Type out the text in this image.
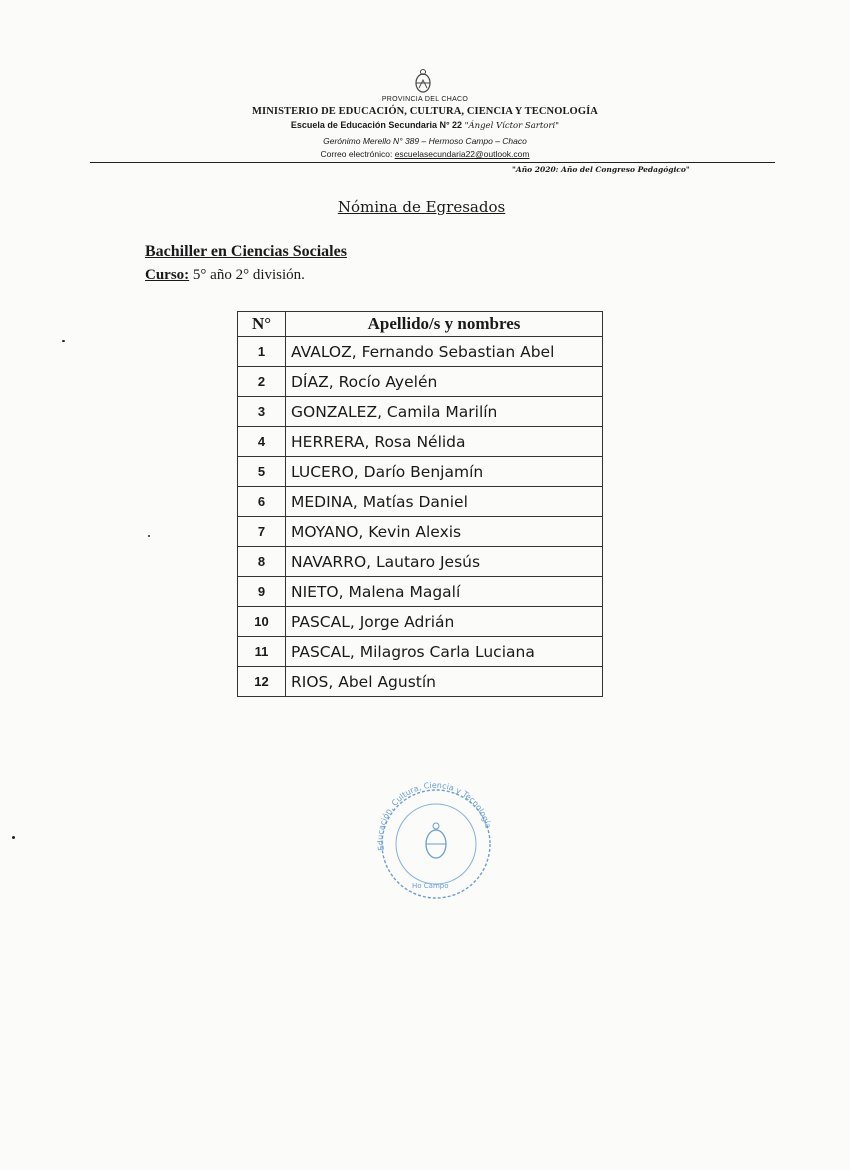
PROVINCIA DEL CHACO
MINISTERIO DE EDUCACIÓN, CULTURA, CIENCIA Y TECNOLOGÍA
Escuela de Educación Secundaria N° 22 "Ángel Víctor Sartori"
Gerónimo Merello N° 389 – Hermoso Campo – Chaco
Correo electrónico: escuelasecundaria22@outlook.com
"Año 2020: Año del Congreso Pedagógico"
Nómina de Egresados
Bachiller en Ciencias Sociales
Curso: 5° año 2° división.
N°	Apellido/s y nombres
1	AVALOZ, Fernando Sebastian Abel
2	DÍAZ, Rocío Ayelén
3	GONZALEZ, Camila Marilín
4	HERRERA, Rosa Nélida
5	LUCERO, Darío Benjamín
6	MEDINA, Matías Daniel
7	MOYANO, Kevin Alexis
8	NAVARRO, Lautaro Jesús
9	NIETO, Malena Magalí
10	PASCAL, Jorge Adrián
11	PASCAL, Milagros Carla Luciana
12	RIOS, Abel Agustín
Educación, Cultura, Ciencia y Tecnología
Ho Campo
